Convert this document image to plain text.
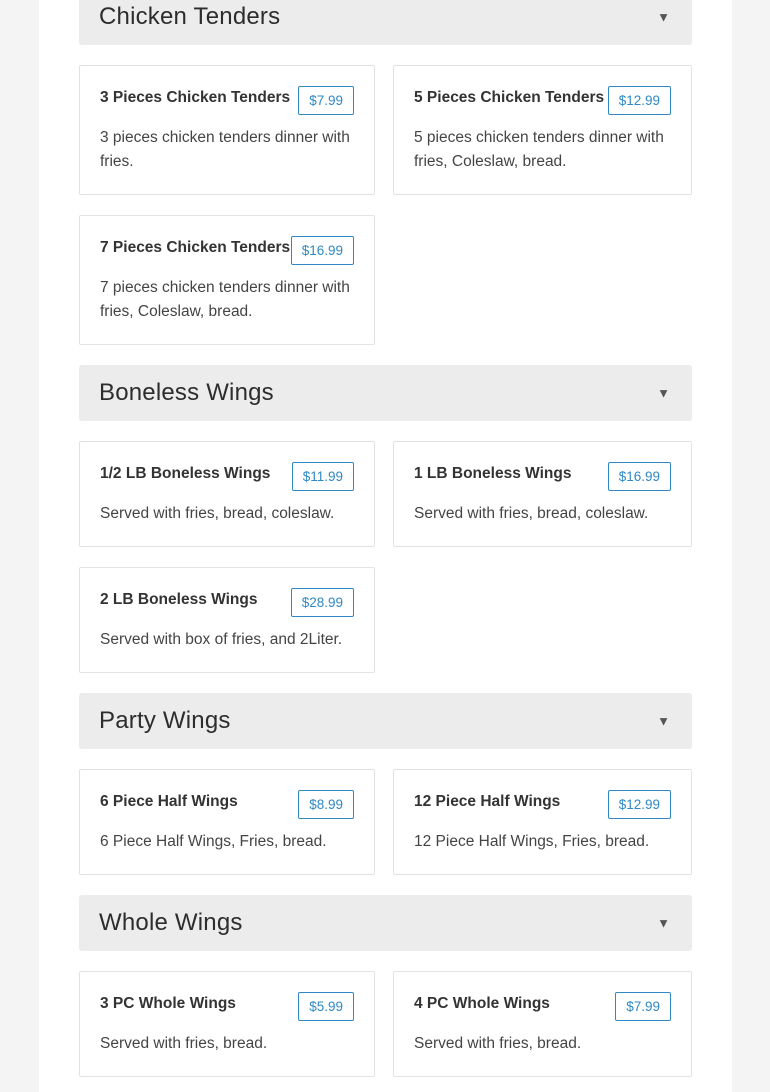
Chicken Tenders	▼
3 Pieces Chicken Tenders	$7.99
3 pieces chicken tenders dinner with fries.
5 Pieces Chicken Tenders	$12.99
5 pieces chicken tenders dinner with fries, Coleslaw, bread.
7 Pieces Chicken Tenders $16.99
7 pieces chicken tenders dinner with fries, Coleslaw, bread.
Boneless Wings	▼
1/2 LB Boneless Wings	$11.99
Served with fries, bread, coleslaw.
1 LB Boneless Wings	$16.99
Served with fries, bread, coleslaw.
2 LB Boneless Wings	$28.99
Served with box of fries, and 2Liter.
Party Wings	▼
6 Piece Half Wings	$8.99
6 Piece Half Wings, Fries, bread.
12 Piece Half Wings	$12.99
12 Piece Half Wings, Fries, bread.
Whole Wings	▼
3 PC Whole Wings	$5.99
Served with fries, bread.
4 PC Whole Wings	$7.99
Served with fries, bread.
